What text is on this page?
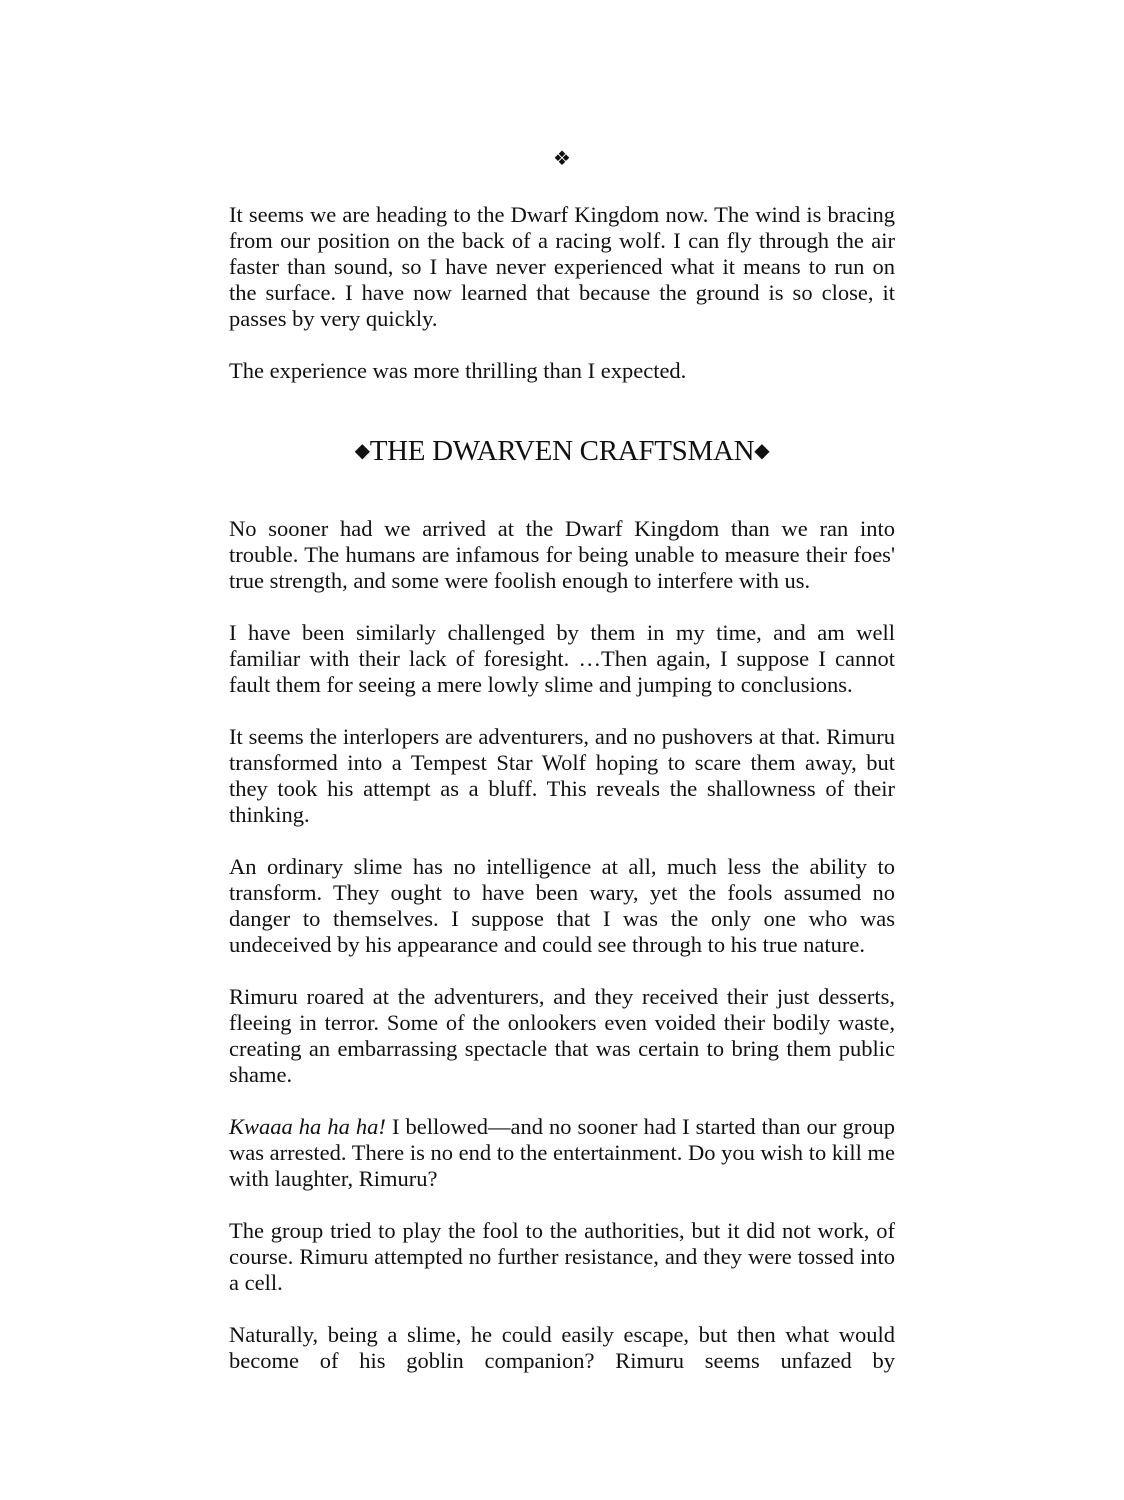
❖

It seems we are heading to the Dwarf Kingdom now. The wind is bracing from our position on the back of a racing wolf. I can fly through the air faster than sound, so I have never experienced what it means to run on the surface. I have now learned that because the ground is so close, it passes by very quickly.

The experience was more thrilling than I expected.

◆THE DWARVEN CRAFTSMAN◆

No sooner had we arrived at the Dwarf Kingdom than we ran into trouble. The humans are infamous for being unable to measure their foes' true strength, and some were foolish enough to interfere with us.

I have been similarly challenged by them in my time, and am well familiar with their lack of foresight. …Then again, I suppose I cannot fault them for seeing a mere lowly slime and jumping to conclusions.

It seems the interlopers are adventurers, and no pushovers at that. Rimuru transformed into a Tempest Star Wolf hoping to scare them away, but they took his attempt as a bluff. This reveals the shallowness of their thinking.

An ordinary slime has no intelligence at all, much less the ability to transform. They ought to have been wary, yet the fools assumed no danger to themselves. I suppose that I was the only one who was undeceived by his appearance and could see through to his true nature.

Rimuru roared at the adventurers, and they received their just desserts, fleeing in terror. Some of the onlookers even voided their bodily waste, creating an embarrassing spectacle that was certain to bring them public shame.

Kwaaa ha ha ha! I bellowed—and no sooner had I started than our group was arrested. There is no end to the entertainment. Do you wish to kill me with laughter, Rimuru?

The group tried to play the fool to the authorities, but it did not work, of course. Rimuru attempted no further resistance, and they were tossed into a cell.

Naturally, being a slime, he could easily escape, but then what would become of his goblin companion? Rimuru seems unfazed by
